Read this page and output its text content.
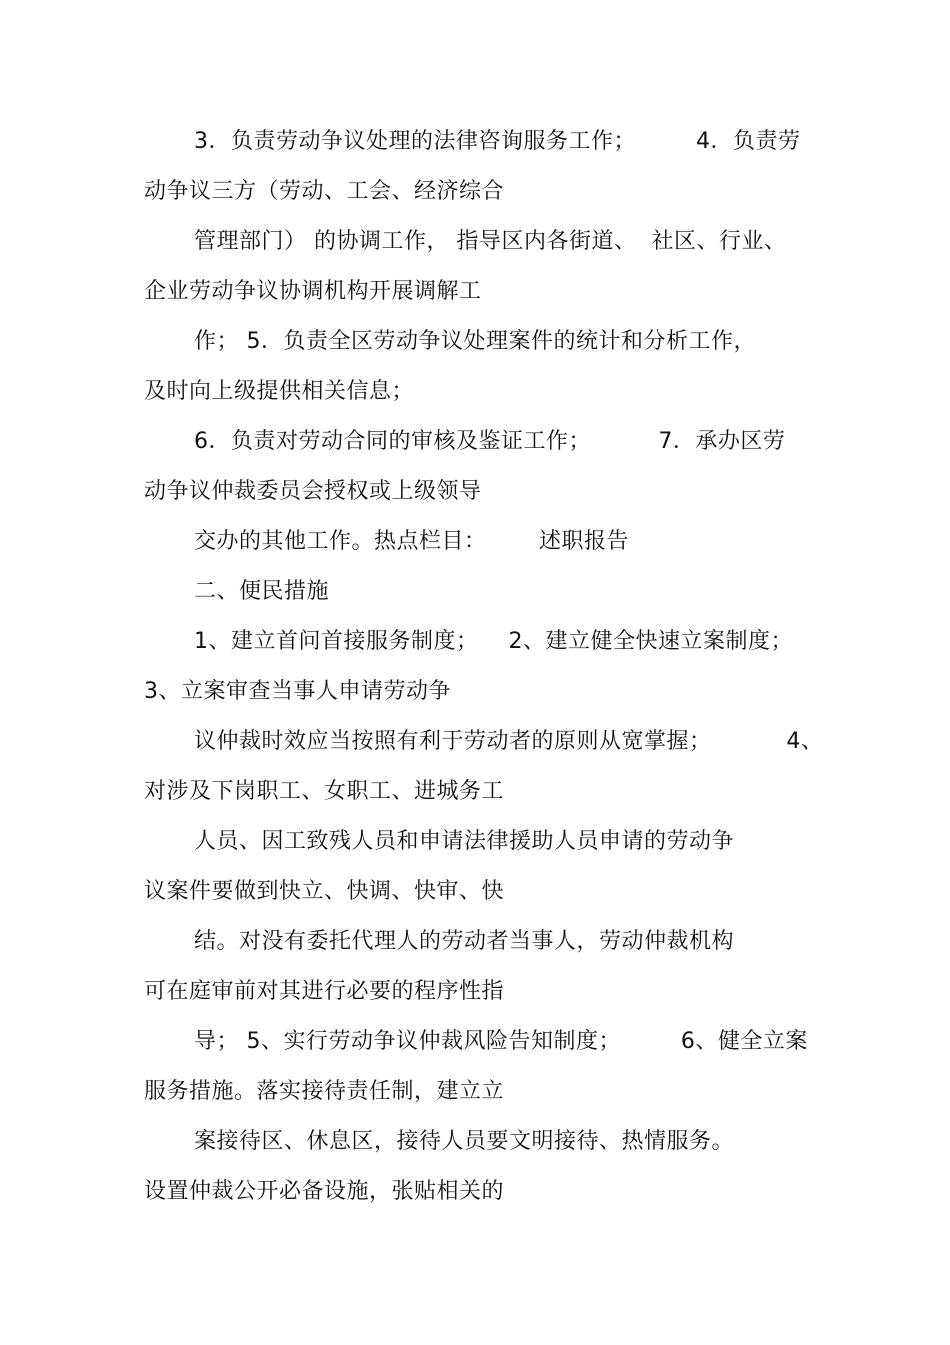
3．负责劳动争议处理的法律咨询服务工作；        4．负责劳
动争议三方（劳动、工会、经济综合
管理部门） 的协调工作， 指导区内各街道、  社区、行业、
企业劳动争议协调机构开展调解工
作； 5．负责全区劳动争议处理案件的统计和分析工作，
及时向上级提供相关信息；
6．负责对劳动合同的审核及鉴证工作；         7．承办区劳
动争议仲裁委员会授权或上级领导
交办的其他工作。热点栏目：       述职报告
二、便民措施
1、建立首问首接服务制度；    2、建立健全快速立案制度；
3、立案审查当事人申请劳动争
议仲裁时效应当按照有利于劳动者的原则从宽掌握；          4、
对涉及下岗职工、女职工、进城务工
人员、因工致残人员和申请法律援助人员申请的劳动争
议案件要做到快立、快调、快审、快
结。对没有委托代理人的劳动者当事人，劳动仲裁机构
可在庭审前对其进行必要的程序性指
导； 5、实行劳动争议仲裁风险告知制度；        6、健全立案
服务措施。落实接待责任制，建立立
案接待区、休息区，接待人员要文明接待、热情服务。
设置仲裁公开必备设施，张贴相关的
